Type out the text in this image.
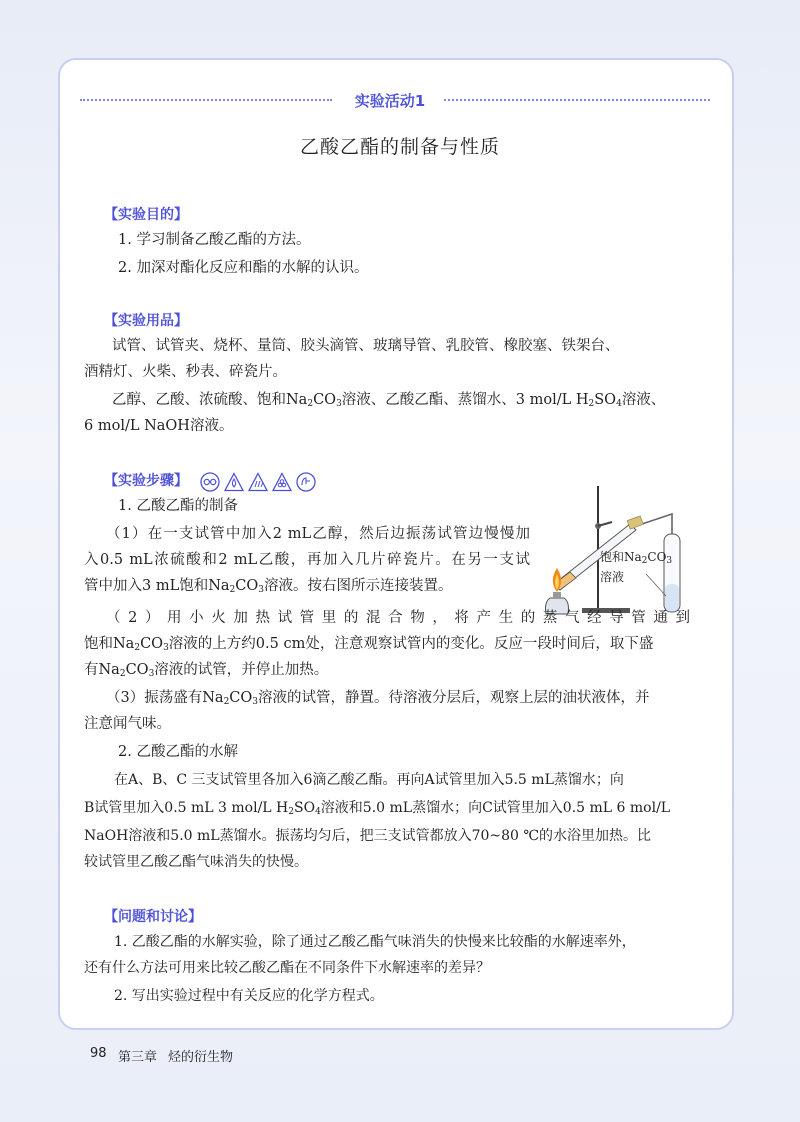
实验活动1
乙酸乙酯的制备与性质
【实验目的】
1. 学习制备乙酸乙酯的方法。
2. 加深对酯化反应和酯的水解的认识。
【实验用品】
试管、试管夹、烧杯、量筒、胶头滴管、玻璃导管、乳胶管、橡胶塞、铁架台、
酒精灯、火柴、秒表、碎瓷片。
乙醇、乙酸、浓硫酸、饱和$Na_2CO_3$溶液、乙酸乙酯、蒸馏水、3 mol/L $H_2SO_4$溶液、
6 mol/L NaOH溶液。
【实验步骤】
1. 乙酸乙酯的制备
（1）在一支试管中加入2 mL乙醇，然后边振荡试管边慢慢加
入0.5 mL浓硫酸和2 mL乙酸，再加入几片碎瓷片。在另一支试
管中加入3 mL饱和$Na_2CO_3$溶液。按右图所示连接装置。
饱和$Na_2CO_3$
溶液
（2）用小火加热试管里的混合物，将产生的蒸气经导管通到
饱和$Na_2CO_3$溶液的上方约0.5 cm处，注意观察试管内的变化。反应一段时间后，取下盛
有$Na_2CO_3$溶液的试管，并停止加热。
（3）振荡盛有$Na_2CO_3$溶液的试管，静置。待溶液分层后，观察上层的油状液体，并
注意闻气味。
2. 乙酸乙酯的水解
在A、B、C 三支试管里各加入6滴乙酸乙酯。再向A试管里加入5.5 mL蒸馏水；向
B试管里加入0.5 mL 3 mol/L $H_2SO_4$溶液和5.0 mL蒸馏水；向C试管里加入0.5 mL 6 mol/L
NaOH溶液和5.0 mL蒸馏水。振荡均匀后，把三支试管都放入70~80 ℃的水浴里加热。比
较试管里乙酸乙酯气味消失的快慢。
【问题和讨论】
1. 乙酸乙酯的水解实验，除了通过乙酸乙酯气味消失的快慢来比较酯的水解速率外，
还有什么方法可用来比较乙酸乙酯在不同条件下水解速率的差异？
2. 写出实验过程中有关反应的化学方程式。
98 第三章 烃的衍生物
